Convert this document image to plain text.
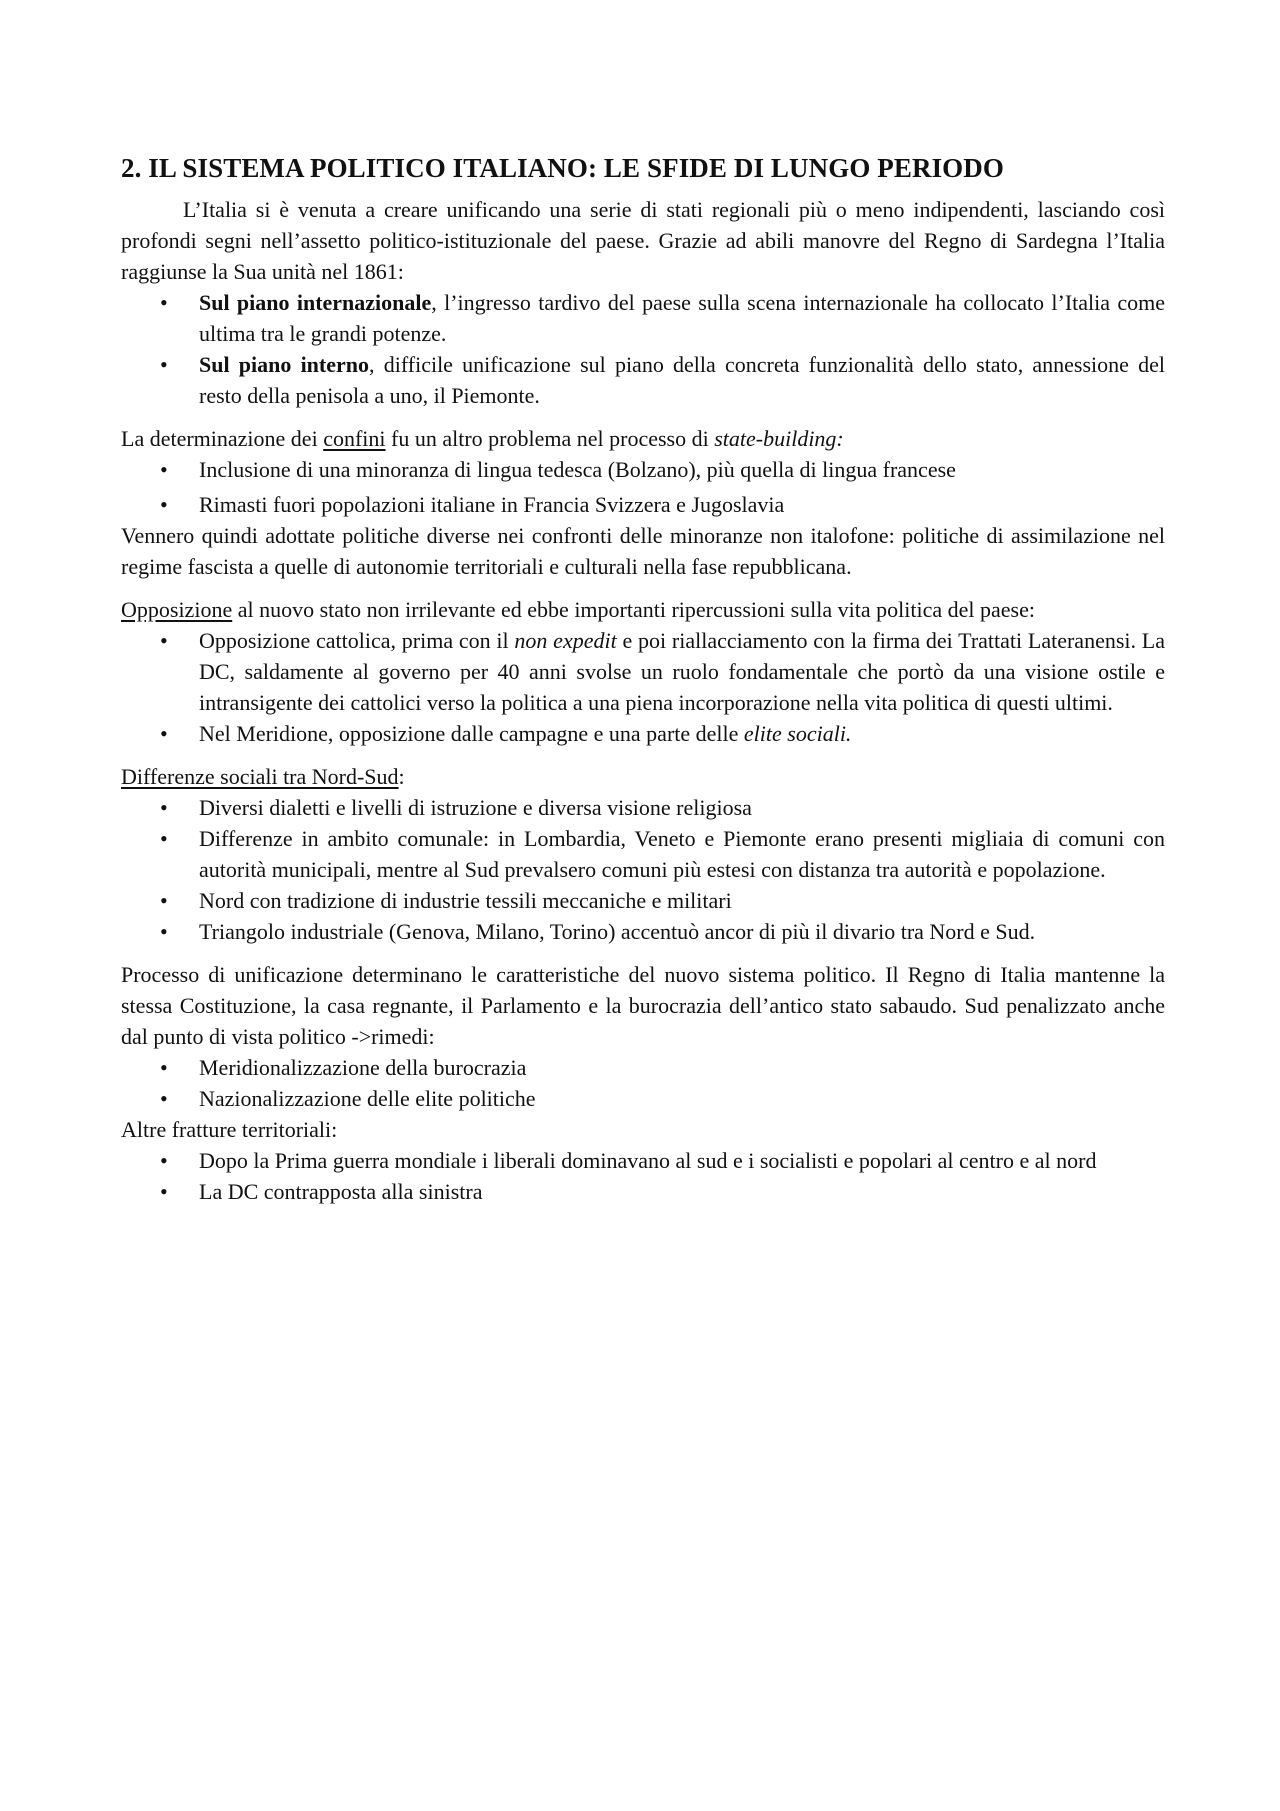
2. IL SISTEMA POLITICO ITALIANO: LE SFIDE DI LUNGO PERIODO

L’Italia si è venuta a creare unificando una serie di stati regionali più o meno indipendenti, lasciando così profondi segni nell’assetto politico-istituzionale del paese. Grazie ad abili manovre del Regno di Sardegna l’Italia raggiunse la Sua unità nel 1861:

• Sul piano internazionale, l’ingresso tardivo del paese sulla scena internazionale ha collocato l’Italia come ultima tra le grandi potenze.
• Sul piano interno, difficile unificazione sul piano della concreta funzionalità dello stato, annessione del resto della penisola a uno, il Piemonte.

La determinazione dei confini fu un altro problema nel processo di state-building:

• Inclusione di una minoranza di lingua tedesca (Bolzano), più quella di lingua francese
• Rimasti fuori popolazioni italiane in Francia Svizzera e Jugoslavia

Vennero quindi adottate politiche diverse nei confronti delle minoranze non italofone: politiche di assimilazione nel regime fascista a quelle di autonomie territoriali e culturali nella fase repubblicana.

Opposizione al nuovo stato non irrilevante ed ebbe importanti ripercussioni sulla vita politica del paese:

• Opposizione cattolica, prima con il non expedit e poi riallacciamento con la firma dei Trattati Lateranensi. La DC, saldamente al governo per 40 anni svolse un ruolo fondamentale che portò da una visione ostile e intransigente dei cattolici verso la politica a una piena incorporazione nella vita politica di questi ultimi.
• Nel Meridione, opposizione dalle campagne e una parte delle elite sociali.

Differenze sociali tra Nord-Sud:

• Diversi dialetti e livelli di istruzione e diversa visione religiosa
• Differenze in ambito comunale: in Lombardia, Veneto e Piemonte erano presenti migliaia di comuni con autorità municipali, mentre al Sud prevalsero comuni più estesi con distanza tra autorità e popolazione.
• Nord con tradizione di industrie tessili meccaniche e militari
• Triangolo industriale (Genova, Milano, Torino) accentuò ancor di più il divario tra Nord e Sud.

Processo di unificazione determinano le caratteristiche del nuovo sistema politico. Il Regno di Italia mantenne la stessa Costituzione, la casa regnante, il Parlamento e la burocrazia dell’antico stato sabaudo. Sud penalizzato anche dal punto di vista politico ->rimedi:

• Meridionalizzazione della burocrazia
• Nazionalizzazione delle elite politiche

Altre fratture territoriali:

• Dopo la Prima guerra mondiale i liberali dominavano al sud e i socialisti e popolari al centro e al nord
• La DC contrapposta alla sinistra
